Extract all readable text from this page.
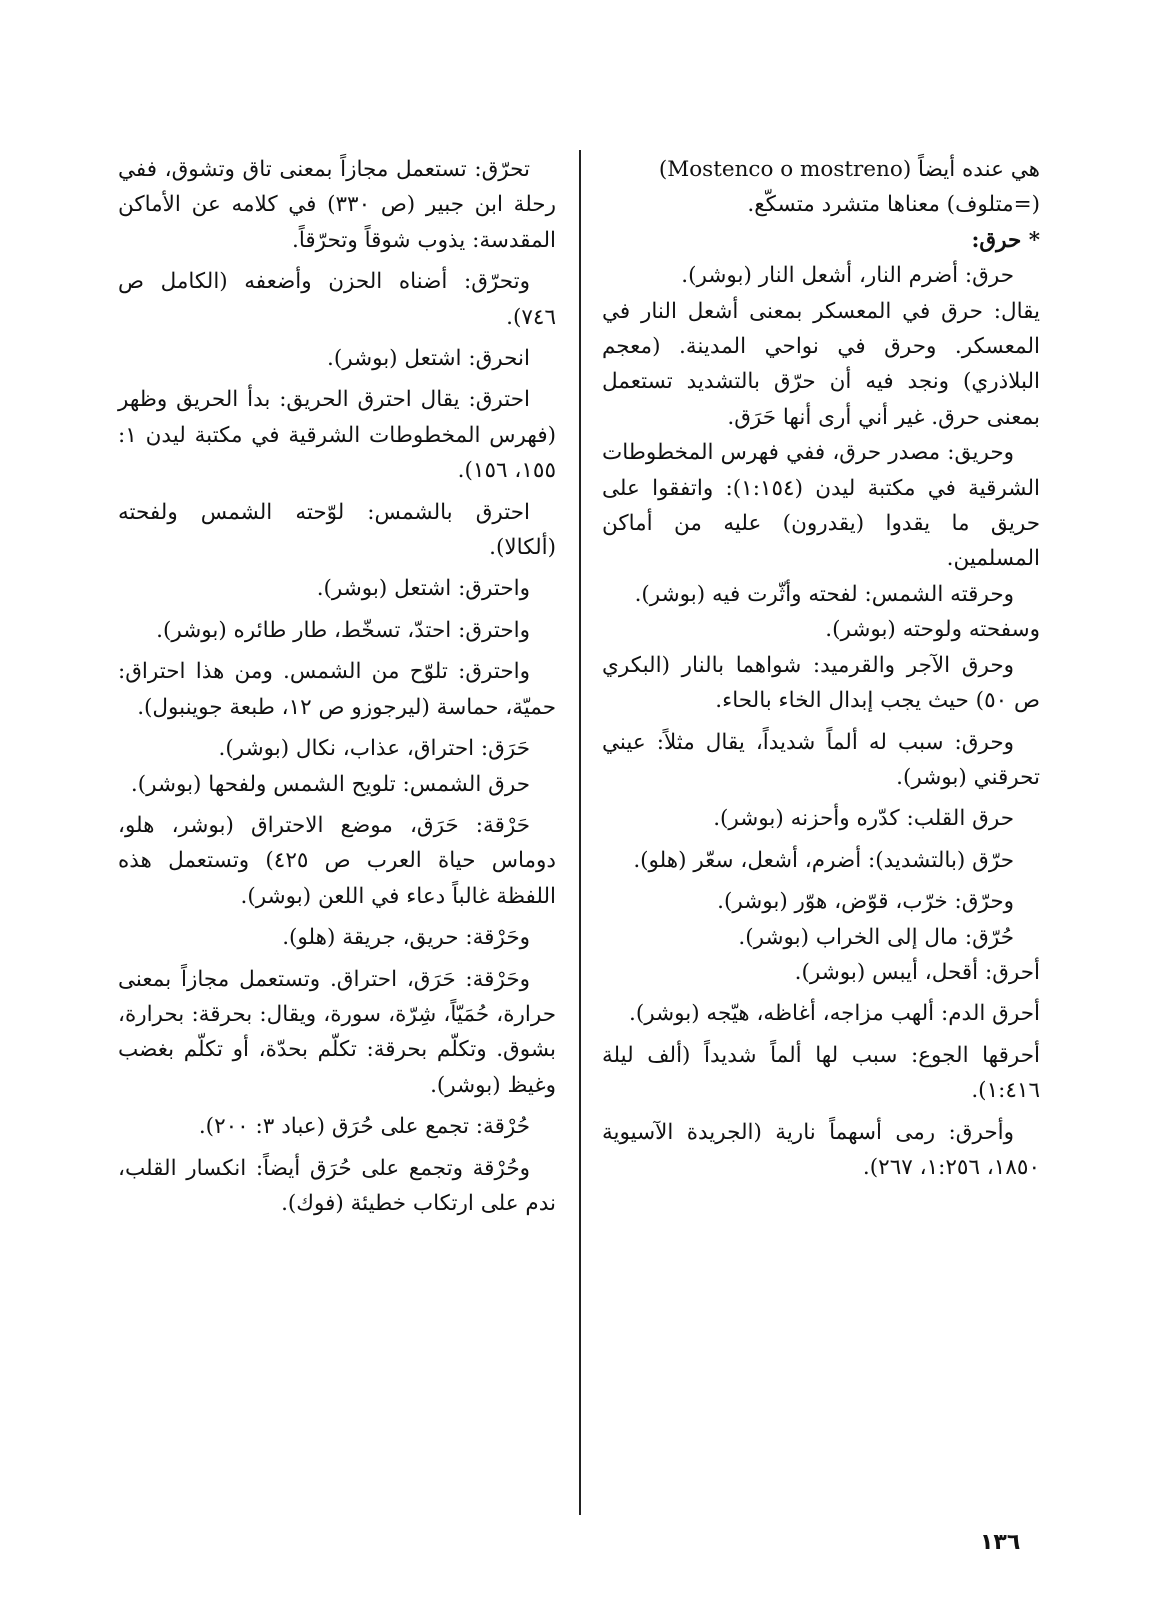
هي عنده أيضاً (Mostenco o mostreno)

(=متلوف) معناها متشرد متسكّع.

* حرق:

حرق: أضرم النار، أشعل النار (بوشر).

يقال: حرق في المعسكر بمعنى أشعل النار في المعسكر. وحرق في نواحي المدينة. (معجم البلاذري) ونجد فيه أن حرّق بالتشديد تستعمل بمعنى حرق. غير أني أرى أنها حَرَق.

وحريق: مصدر حرق، ففي فهرس المخطوطات الشرقية في مكتبة ليدن (١:١٥٤): واتفقوا على حريق ما يقدوا (يقدرون) عليه من أماكن المسلمين.

وحرقته الشمس: لفحته وأثّرت فيه (بوشر).

وسفحته ولوحته (بوشر).

وحرق الآجر والقرميد: شواهما بالنار (البكري ص ٥٠) حيث يجب إبدال الخاء بالحاء.

وحرق: سبب له ألماً شديداً، يقال مثلاً: عيني تحرقني (بوشر).

حرق القلب: كدّره وأحزنه (بوشر).

حرّق (بالتشديد): أضرم، أشعل، سعّر (هلو).

وحرّق: خرّب، قوّض، هوّر (بوشر).

حُرّق: مال إلى الخراب (بوشر).

أحرق: أقحل، أيبس (بوشر).

أحرق الدم: ألهب مزاجه، أغاظه، هيّجه (بوشر).

أحرقها الجوع: سبب لها ألماً شديداً (ألف ليلة ١:٤١٦).

وأحرق: رمى أسهماً نارية (الجريدة الآسيوية ١٨٥٠، ١:٢٥٦، ٢٦٧).

تحرّق: تستعمل مجازاً بمعنى تاق وتشوق، ففي رحلة ابن جبير (ص ٣٣٠) في كلامه عن الأماكن المقدسة: يذوب شوقاً وتحرّقاً.

وتحرّق: أضناه الحزن وأضعفه (الكامل ص ٧٤٦).

انحرق: اشتعل (بوشر).

احترق: يقال احترق الحريق: بدأ الحريق وظهر (فهرس المخطوطات الشرقية في مكتبة ليدن ١: ١٥٥، ١٥٦).

احترق بالشمس: لوّحته الشمس ولفحته (ألكالا).

واحترق: اشتعل (بوشر).

واحترق: احتدّ، تسخّط، طار طائره (بوشر).

واحترق: تلوّح من الشمس. ومن هذا احتراق: حميّة، حماسة (ليرجوزو ص ١٢، طبعة جوينبول).

حَرَق: احتراق، عذاب، نكال (بوشر).

حرق الشمس: تلويح الشمس ولفحها (بوشر).

حَرْقة: حَرَق، موضع الاحتراق (بوشر، هلو، دوماس حياة العرب ص ٤٢٥) وتستعمل هذه اللفظة غالباً دعاء في اللعن (بوشر).

وحَرْقة: حريق، جريقة (هلو).

وحَرْقة: حَرَق، احتراق. وتستعمل مجازاً بمعنى حرارة، حُمَيّاً، شِرّة، سورة، ويقال: بحرقة: بحرارة، بشوق. وتكلّم بحرقة: تكلّم بحدّة، أو تكلّم بغضب وغيظ (بوشر).

حُرْقة: تجمع على حُرَق (عباد ٣: ٢٠٠).

وحُرْقة وتجمع على حُرَق أيضاً: انكسار القلب، ندم على ارتكاب خطيئة (فوك).

١٣٦
